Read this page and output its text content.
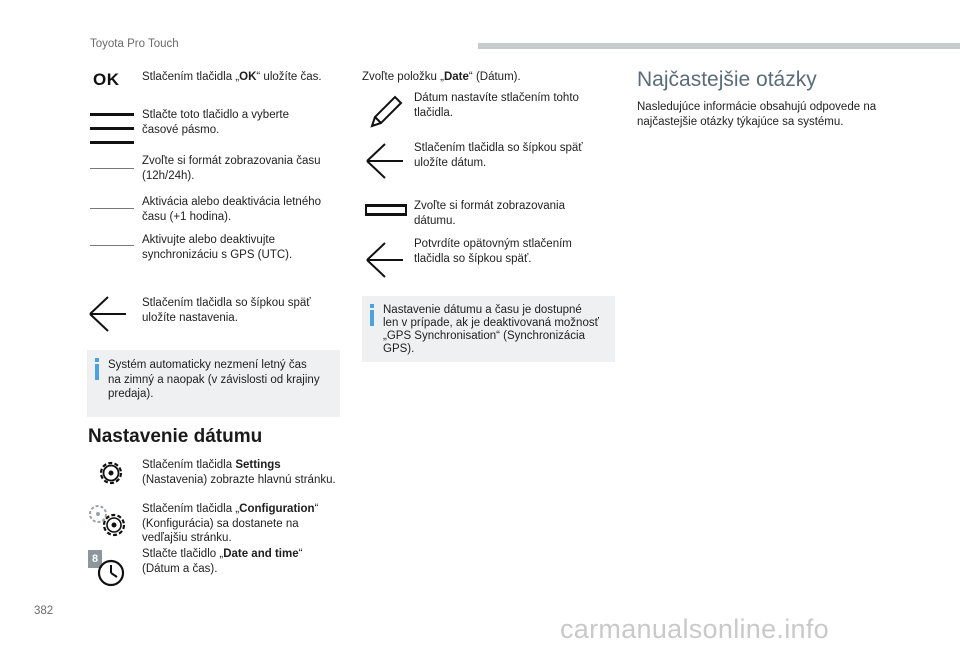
Toyota Pro Touch
OK Stlačením tlačidla „OK“ uložíte čas.
Stlačte toto tlačidlo a vyberte
časové pásmo.
Zvoľte si formát zobrazovania času
(12h/24h).
Aktivácia alebo deaktivácia letného
času (+1 hodina).
Aktivujte alebo deaktivujte
synchronizáciu s GPS (UTC).
Stlačením tlačidla so šípkou späť
uložíte nastavenia.
Systém automaticky nezmení letný čas
na zimný a naopak (v závislosti od krajiny
predaja).
Nastavenie dátumu
Stlačením tlačidla Settings
(Nastavenia) zobrazte hlavnú stránku.
Stlačením tlačidla „Configuration“
(Konfigurácia) sa dostanete na
vedľajšiu stránku.
8	Stlačte tlačidlo „Date and time“
(Dátum a čas).
Zvoľte položku „Date“ (Dátum).
Dátum nastavíte stlačením tohto
tlačidla.
Stlačením tlačidla so šípkou späť
uložíte dátum.
Zvoľte si formát zobrazovania
dátumu.
Potvrdíte opätovným stlačením
tlačidla so šípkou späť.
Nastavenie dátumu a času je dostupné
len v prípade, ak je deaktivovaná možnosť
„GPS Synchronisation“ (Synchronizácia
GPS).
Najčastejšie otázky
Nasledujúce informácie obsahujú odpovede na
najčastejšie otázky týkajúce sa systému.
382
carmanualsonline.info
